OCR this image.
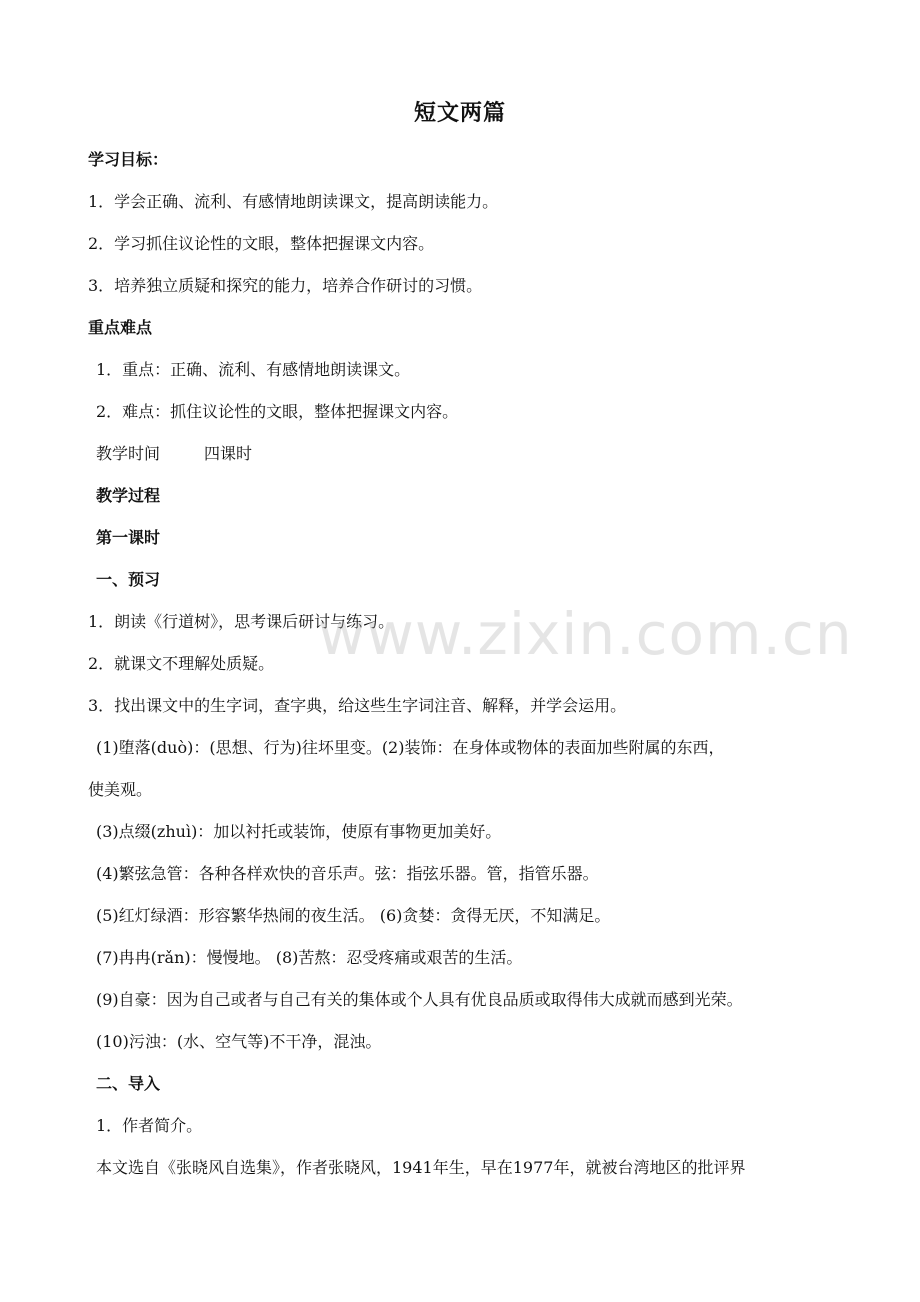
短文两篇
学习目标：
1．学会正确、流利、有感情地朗读课文，提高朗读能力。
2．学习抓住议论性的文眼，整体把握课文内容。
3．培养独立质疑和探究的能力，培养合作研讨的习惯。
重点难点
1．重点：正确、流利、有感情地朗读课文。
2．难点：抓住议论性的文眼，整体把握课文内容。
教学时间	四课时
教学过程
第一课时
一、预习
1．朗读《行道树》，思考课后研讨与练习。
2．就课文不理解处质疑。
3．找出课文中的生字词，查字典，给这些生字词注音、解释，并学会运用。
(1)堕落(duò)：(思想、行为)往坏里变。(2)装饰：在身体或物体的表面加些附属的东西，
使美观。
(3)点缀(zhuì)：加以衬托或装饰，使原有事物更加美好。
(4)繁弦急管：各种各样欢快的音乐声。弦：指弦乐器。管，指管乐器。
(5)红灯绿酒：形容繁华热闹的夜生活。 (6)贪婪：贪得无厌，不知满足。
(7)冉冉(rǎn)：慢慢地。 (8)苦熬：忍受疼痛或艰苦的生活。
(9)自豪：因为自己或者与自己有关的集体或个人具有优良品质或取得伟大成就而感到光荣。
(10)污浊：(水、空气等)不干净，混浊。
二、导入
1．作者简介。
本文选自《张晓风自选集》，作者张晓风，1941年生，早在1977年，就被台湾地区的批评界
www.zixin.com.cn
